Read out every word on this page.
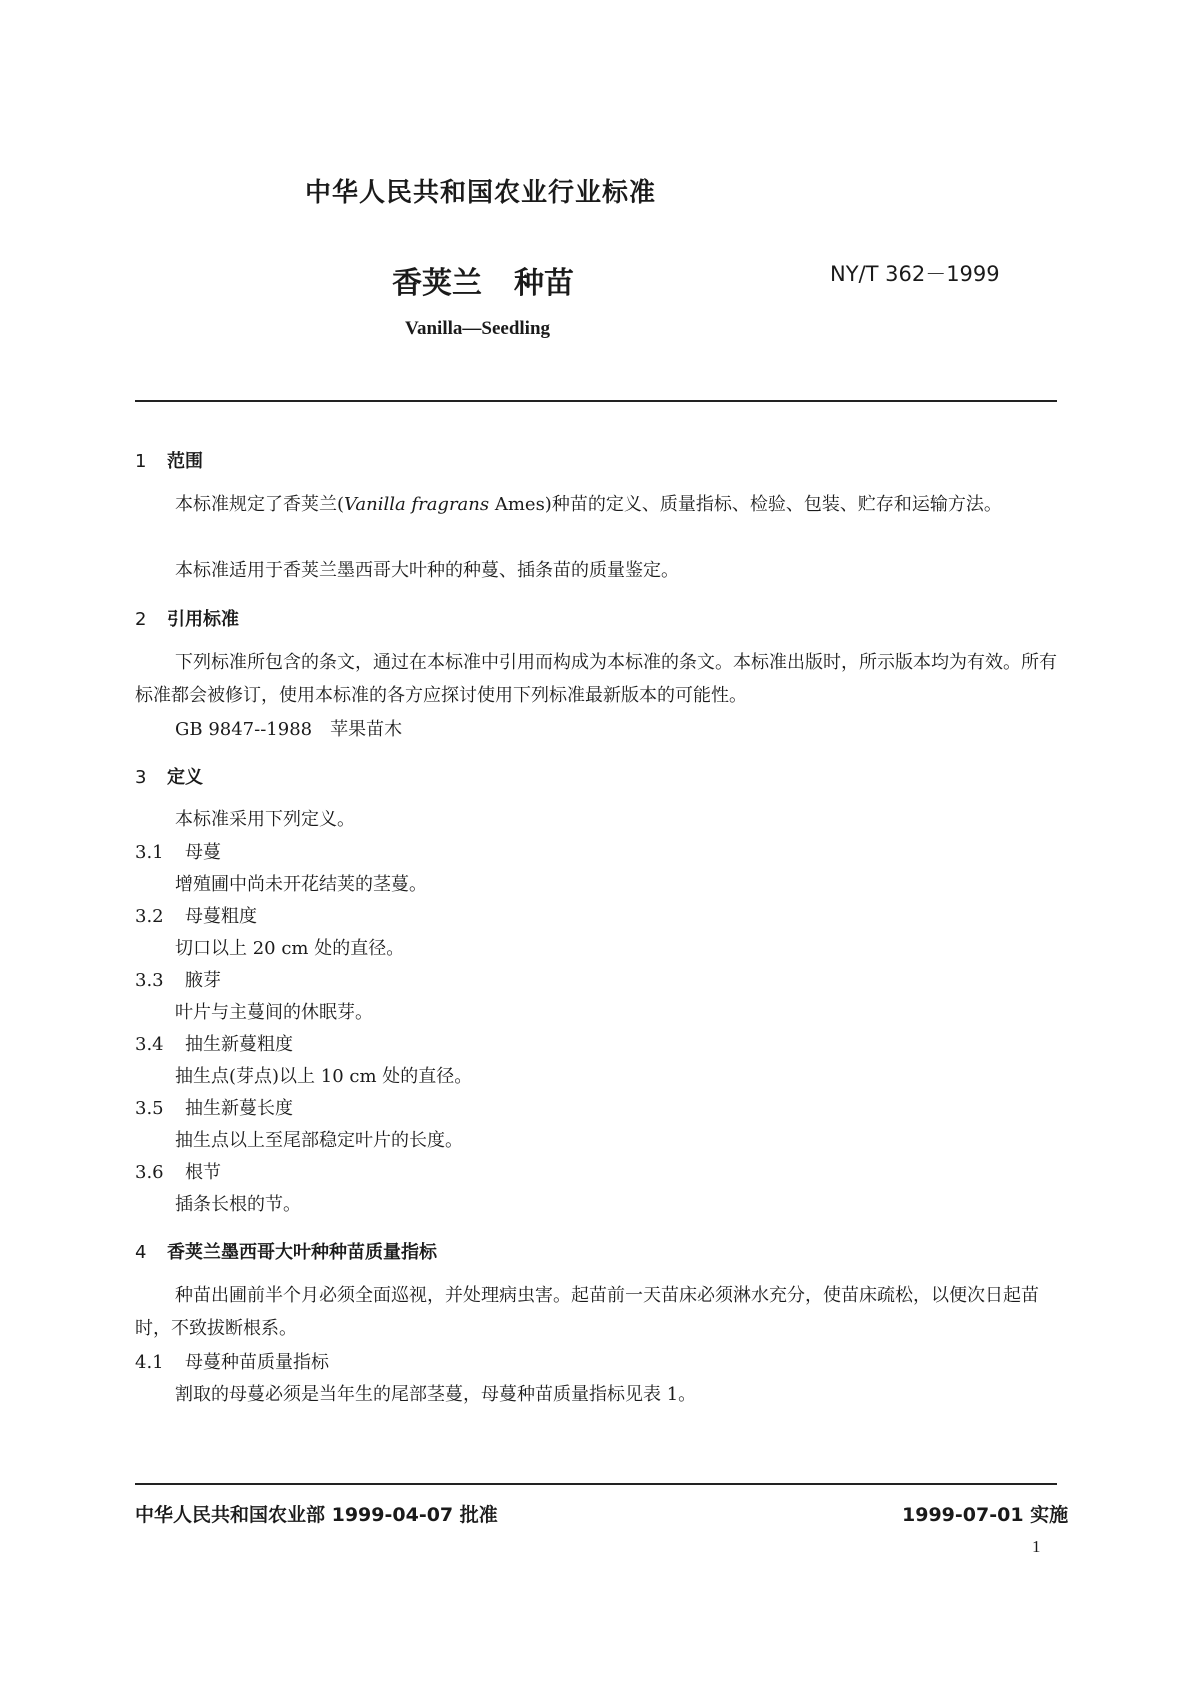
中华人民共和国农业行业标准
香荚兰 种苗	NY/T 362－1999
Vanilla—Seedling
1 范围
本标准规定了香荚兰(Vanilla fragrans Ames)种苗的定义、质量指标、检验、包装、贮存和运输方法。
本标准适用于香荚兰墨西哥大叶种的种蔓、插条苗的质量鉴定。
2 引用标准
下列标准所包含的条文，通过在本标准中引用而构成为本标准的条文。本标准出版时，所示版本均为有效。所有标准都会被修订，使用本标准的各方应探讨使用下列标准最新版本的可能性。
GB 9847--1988　苹果苗木
3 定义
本标准采用下列定义。
3.1 母蔓
增殖圃中尚未开花结荚的茎蔓。
3.2 母蔓粗度
切口以上 20 cm 处的直径。
3.3 腋芽
叶片与主蔓间的休眠芽。
3.4 抽生新蔓粗度
抽生点(芽点)以上 10 cm 处的直径。
3.5 抽生新蔓长度
抽生点以上至尾部稳定叶片的长度。
3.6 根节
插条长根的节。
4 香荚兰墨西哥大叶种种苗质量指标
种苗出圃前半个月必须全面巡视，并处理病虫害。起苗前一天苗床必须淋水充分，使苗床疏松，以便次日起苗时，不致拔断根系。
4.1 母蔓种苗质量指标
割取的母蔓必须是当年生的尾部茎蔓，母蔓种苗质量指标见表 1。
中华人民共和国农业部 1999-04-07 批准	1999-07-01 实施
1
